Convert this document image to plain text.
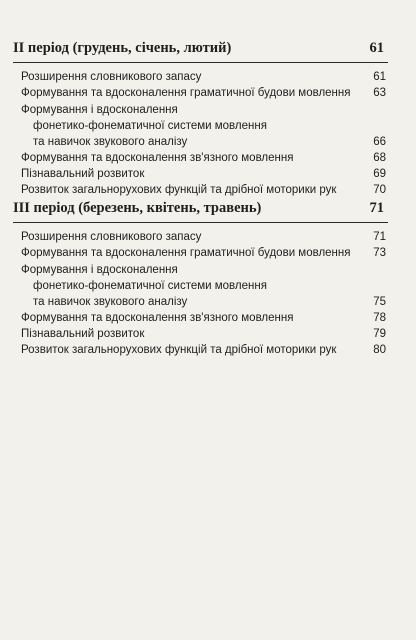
ІІ період (грудень, січень, лютий)	61
Розширення словникового запасу	61
Формування та вдосконалення граматичної будови мовлення	63
Формування і вдосконалення
фонетико-фонематичної системи мовлення
та навичок звукового аналізу	66
Формування та вдосконалення зв'язного мовлення	68
Пізнавальний розвиток	69
Розвиток загальнорухових функцій та дрібної моторики рук	70
ІІІ період (березень, квітень, травень)	71
Розширення словникового запасу	71
Формування та вдосконалення граматичної будови мовлення	73
Формування і вдосконалення
фонетико-фонематичної системи мовлення
та навичок звукового аналізу	75
Формування та вдосконалення зв'язного мовлення	78
Пізнавальний розвиток	79
Розвиток загальнорухових функцій та дрібної моторики рук	80
